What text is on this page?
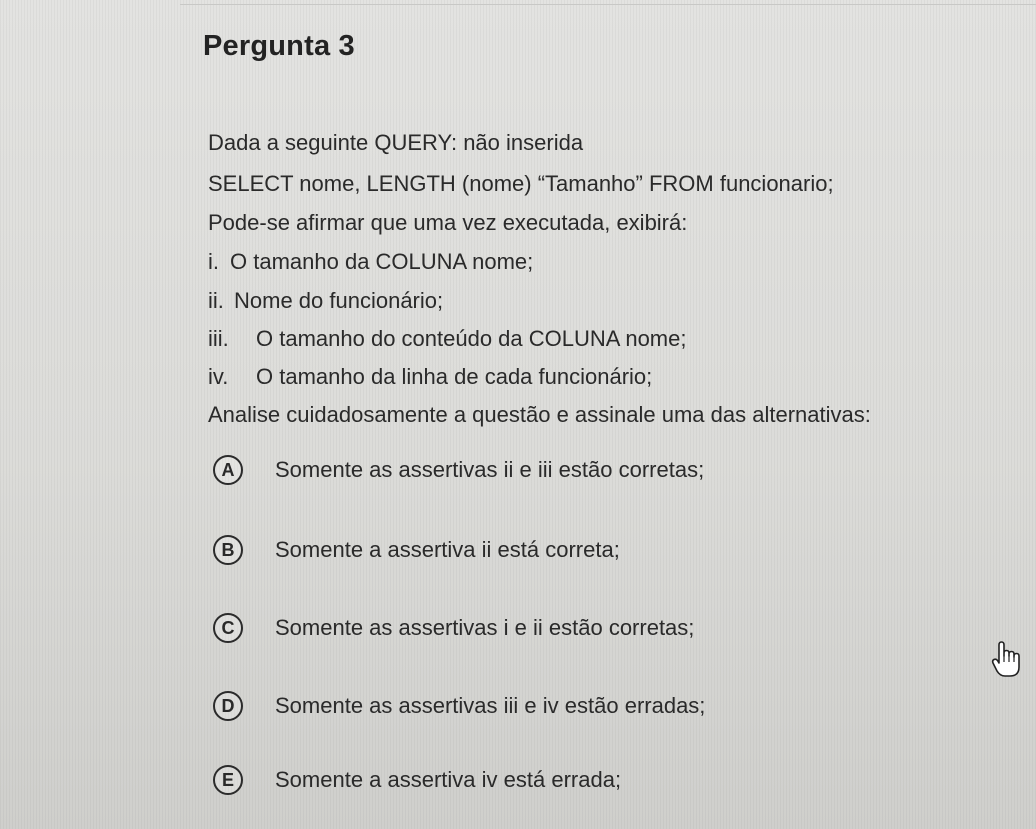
Pergunta 3
Dada a seguinte QUERY: não inserida
SELECT nome, LENGTH (nome) “Tamanho” FROM funcionario;
Pode-se afirmar que uma vez executada, exibirá:
i. O tamanho da COLUNA nome;
ii. Nome do funcionário;
iii. O tamanho do conteúdo da COLUNA nome;
iv. O tamanho da linha de cada funcionário;
Analise cuidadosamente a questão e assinale uma das alternativas:
A	Somente as assertivas ii e iii estão corretas;
B	Somente a assertiva ii está correta;
C	Somente as assertivas i e ii estão corretas;
D	Somente as assertivas iii e iv estão erradas;
E	Somente a assertiva iv está errada;
